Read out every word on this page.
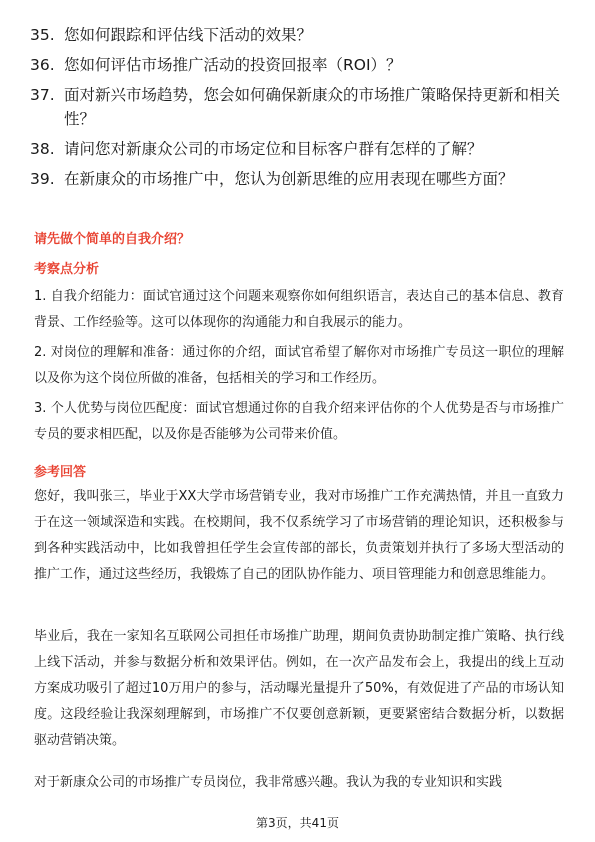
35. 您如何跟踪和评估线下活动的效果？
36. 您如何评估市场推广活动的投资回报率（ROI）？
37. 面对新兴市场趋势，您会如何确保新康众的市场推广策略保持更新和相关性？
38. 请问您对新康众公司的市场定位和目标客户群有怎样的了解？
39. 在新康众的市场推广中，您认为创新思维的应用表现在哪些方面？
请先做个简单的自我介绍？
考察点分析
1. 自我介绍能力：面试官通过这个问题来观察你如何组织语言，表达自己的基本信息、教育背景、工作经验等。这可以体现你的沟通能力和自我展示的能力。
2. 对岗位的理解和准备：通过你的介绍，面试官希望了解你对市场推广专员这一职位的理解以及你为这个岗位所做的准备，包括相关的学习和工作经历。
3. 个人优势与岗位匹配度：面试官想通过你的自我介绍来评估你的个人优势是否与市场推广专员的要求相匹配，以及你是否能够为公司带来价值。
参考回答
您好，我叫张三，毕业于XX大学市场营销专业，我对市场推广工作充满热情，并且一直致力于在这一领域深造和实践。在校期间，我不仅系统学习了市场营销的理论知识，还积极参与到各种实践活动中，比如我曾担任学生会宣传部的部长，负责策划并执行了多场大型活动的推广工作，通过这些经历，我锻炼了自己的团队协作能力、项目管理能力和创意思维能力。
毕业后，我在一家知名互联网公司担任市场推广助理，期间负责协助制定推广策略、执行线上线下活动，并参与数据分析和效果评估。例如，在一次产品发布会上，我提出的线上互动方案成功吸引了超过10万用户的参与，活动曝光量提升了50%，有效促进了产品的市场认知度。这段经验让我深刻理解到，市场推广不仅要创意新颖，更要紧密结合数据分析，以数据驱动营销决策。
对于新康众公司的市场推广专员岗位，我非常感兴趣。我认为我的专业知识和实践
第3页，共41页
